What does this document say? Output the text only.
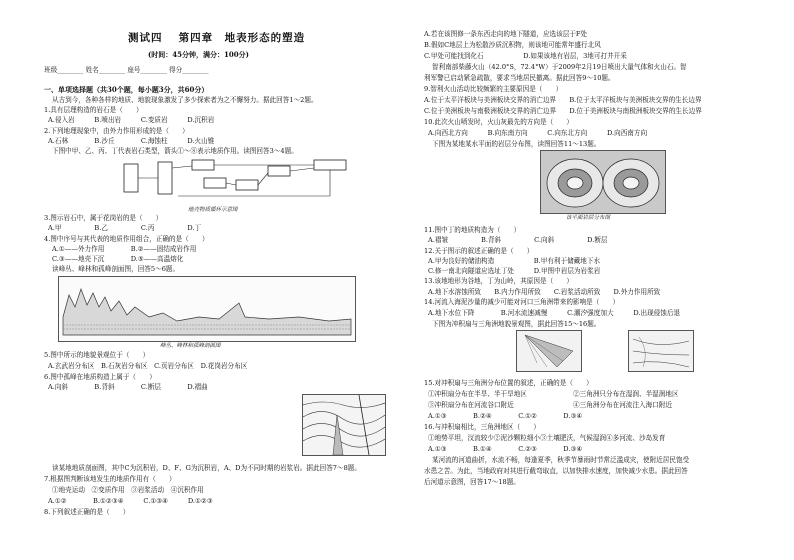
测试四　 第四章　地表形态的塑造
(时间：45分钟，满分：100分)
班级________ 姓名________ 座号________ 得分________
一、单项选择题（共30个题，每小题3分，共60分）
从古到今，各种各样的地质、地貌现象激发了多少探索者为之不懈努力。据此回答1～2题。
1.具有层理构造的岩石是（　　）
A.侵入岩　　　B.喷出岩　　　C.变质岩　　　D.沉积岩
2.下列地理现象中，由外力作用形成的是（　　）
A.石林　　　　B.沙丘　　　　C.海蚀柱　　　D.火山锥
下图中甲、乙、丙、丁代表岩石类型，箭头①～⑧表示地质作用。读图回答3～4题。
地壳物质循环示意图
3.图示岩石中，属于花岗岩的是（　　）
A.甲　　　　　B.乙　　　　　C.丙　　　　　D.丁
4.图中序号与其代表的地质作用组合，正确的是（　　）
A.①——外力作用　　　　B.②——固结成岩作用
C.③——地壳下沉　　　　D.⑤——高温熔化
读峰丛、峰林和孤峰剖面图，回答5～6题。
峰丛、峰林和孤峰剖面图
5.图中所示的地貌景观位于（　　）
A.玄武岩分布区　B.石灰岩分布区　C.页岩分布区　D.花岗岩分布区
6.图中孤峰在地质构造上属于（　　）
A.向斜　　　　B.背斜　　　　C.断层　　　　D.褶曲
读某地地质剖面图，其中C为沉积岩，D、F、G为沉积岩，A、D为不同时期的岩浆岩。据此回答7～8题。
7.根据图判断该地发生的地质作用有（　　）
①地壳运动　②变质作用　③岩浆活动　④沉积作用
A.①②　　　　B.①②③④　　　C.①③④　　　D.①②③
8.下列叙述正确的是（　　）
A.若在该图修一条东西走向的地下隧道，应选该层于F处
B.假如C地层上为松散沙质沉积物，则该地可能常年盛行北风
C.甲处可能找到化石　　　　　　D.如果该地有岩层，3地可打井开采
智利南部柴藤火山（42.0°S，72.4°W）于2009年2月19日喷出大量气体和火山石。智
利军警已启动紧急疏散，要求当地居民撤离。据此回答9～10题。
9.智利火山活动比较频繁的主要原因是（　　）
A.位于太平洋板块与美洲板块交界的消亡边界　　B.位于太平洋板块与美洲板块交界的生长边界
C.位于美洲板块与南极洲板块交界的消亡边界　　D.位于美洲板块与南极洲板块交界的生长边界
10.此次火山喷发时，火山灰最先的方向是（　　）
A.向西北方向　　　B.向东南方向　　　C.向东北方向　　　D.向西南方向
下图为某地某水平面的岩层分布图，读图回答11～13题。
该平面岩层分布图
11.图中丁的地质构造为（　　）
A.褶皱　　　　　B.背斜　　　　　C.向斜　　　　　D.断层
12.关于图示的叙述正确的是（　　）
A.甲为良好的储油构造　　　　　　B.甲有利于储藏地下水
C.修一南北向隧道应选址丁处　　　D.甲图中岩层为岩浆岩
13.该地地形为谷地，丁为山岭，其原因是（　　）
A.地下水溶蚀所致　　B.内力作用所致　　C.岩浆活动所致　　D.外力作用所致
14.河流入海泥沙量的减少可能对河口三角洲带来的影响是（　　）
A.地下水位下降　　　　B.河水流速减慢　　　C.潮汐强度加大　　　D.出现侵蚀后退
下图为冲积扇与三角洲地貌景观图，据此回答15～16题。
15.对冲积扇与三角洲分布位置的叙述，正确的是（　　）
①冲积扇分布在半旱、半干旱地区　　　　　　　②三角洲只分布在湿润、半湿润地区
③冲积扇分布在河流谷口附近　　　　　　　　　④三角洲分布在河流注入海口附近
A.①③　　　　B.②④　　　　C.①②　　　　D.③④
16.与冲积扇相比，三角洲地区（　　）
①地势平坦，汊流较少②泥沙颗粒细小③土壤肥沃，气候湿润④多河流、沙岛发育
A.①③　　　　B.①④　　　　C.②③　　　　D.③④
某河流的河道曲折，水流不畅，每逢夏季，秋季节暴雨时节常泛滥成灾，使附近居民饱受
水患之苦。为此，当地政府对其进行截弯取直，以加快排水速度，加快减少水患。据此回答
后河道示意图，回答17～18题。
